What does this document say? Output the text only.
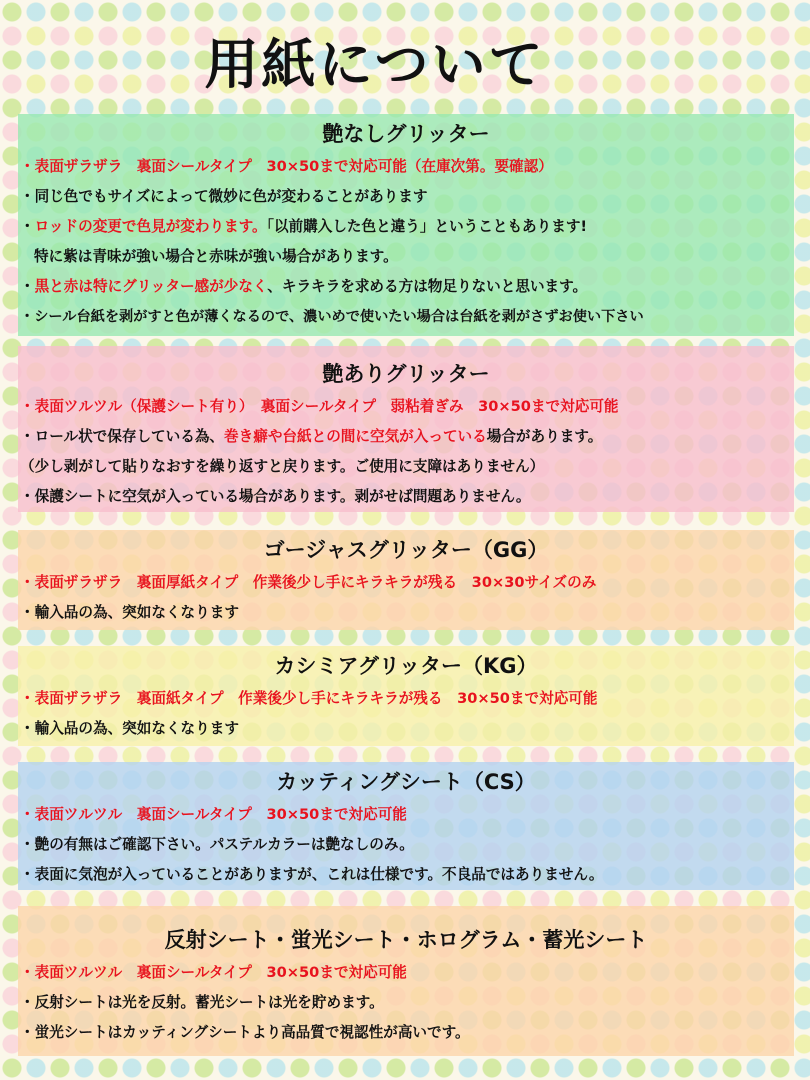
用紙について
艶なしグリッター
・表面ザラザラ　裏面シールタイプ　30×50まで対応可能（在庫次第。要確認）
・同じ色でもサイズによって微妙に色が変わることがあります
・ロッドの変更で色見が変わります。「以前購入した色と違う」ということもあります!
特に紫は青味が強い場合と赤味が強い場合があります。
・黒と赤は特にグリッター感が少なく、キラキラを求める方は物足りないと思います。
・シール台紙を剥がすと色が薄くなるので、濃いめで使いたい場合は台紙を剥がさずお使い下さい
艶ありグリッター
・表面ツルツル（保護シート有り）　裏面シールタイプ　弱粘着ぎみ　30×50まで対応可能
・ロール状で保存している為、巻き癖や台紙との間に空気が入っている場合があります。
（少し剥がして貼りなおすを繰り返すと戻ります。ご使用に支障はありません）
・保護シートに空気が入っている場合があります。剥がせば問題ありません。
ゴージャスグリッター（GG）
・表面ザラザラ　裏面厚紙タイプ　作業後少し手にキラキラが残る　30×30サイズのみ
・輸入品の為、突如なくなります
カシミアグリッター（KG）
・表面ザラザラ　裏面紙タイプ　作業後少し手にキラキラが残る　30×50まで対応可能
・輸入品の為、突如なくなります
カッティングシート（CS）
・表面ツルツル　裏面シールタイプ　30×50まで対応可能
・艶の有無はご確認下さい。パステルカラーは艶なしのみ。
・表面に気泡が入っていることがありますが、これは仕様です。不良品ではありません。
反射シート・蛍光シート・ホログラム・蓄光シート
・表面ツルツル　裏面シールタイプ　30×50まで対応可能
・反射シートは光を反射。蓄光シートは光を貯めます。
・蛍光シートはカッティングシートより高品質で視認性が高いです。
